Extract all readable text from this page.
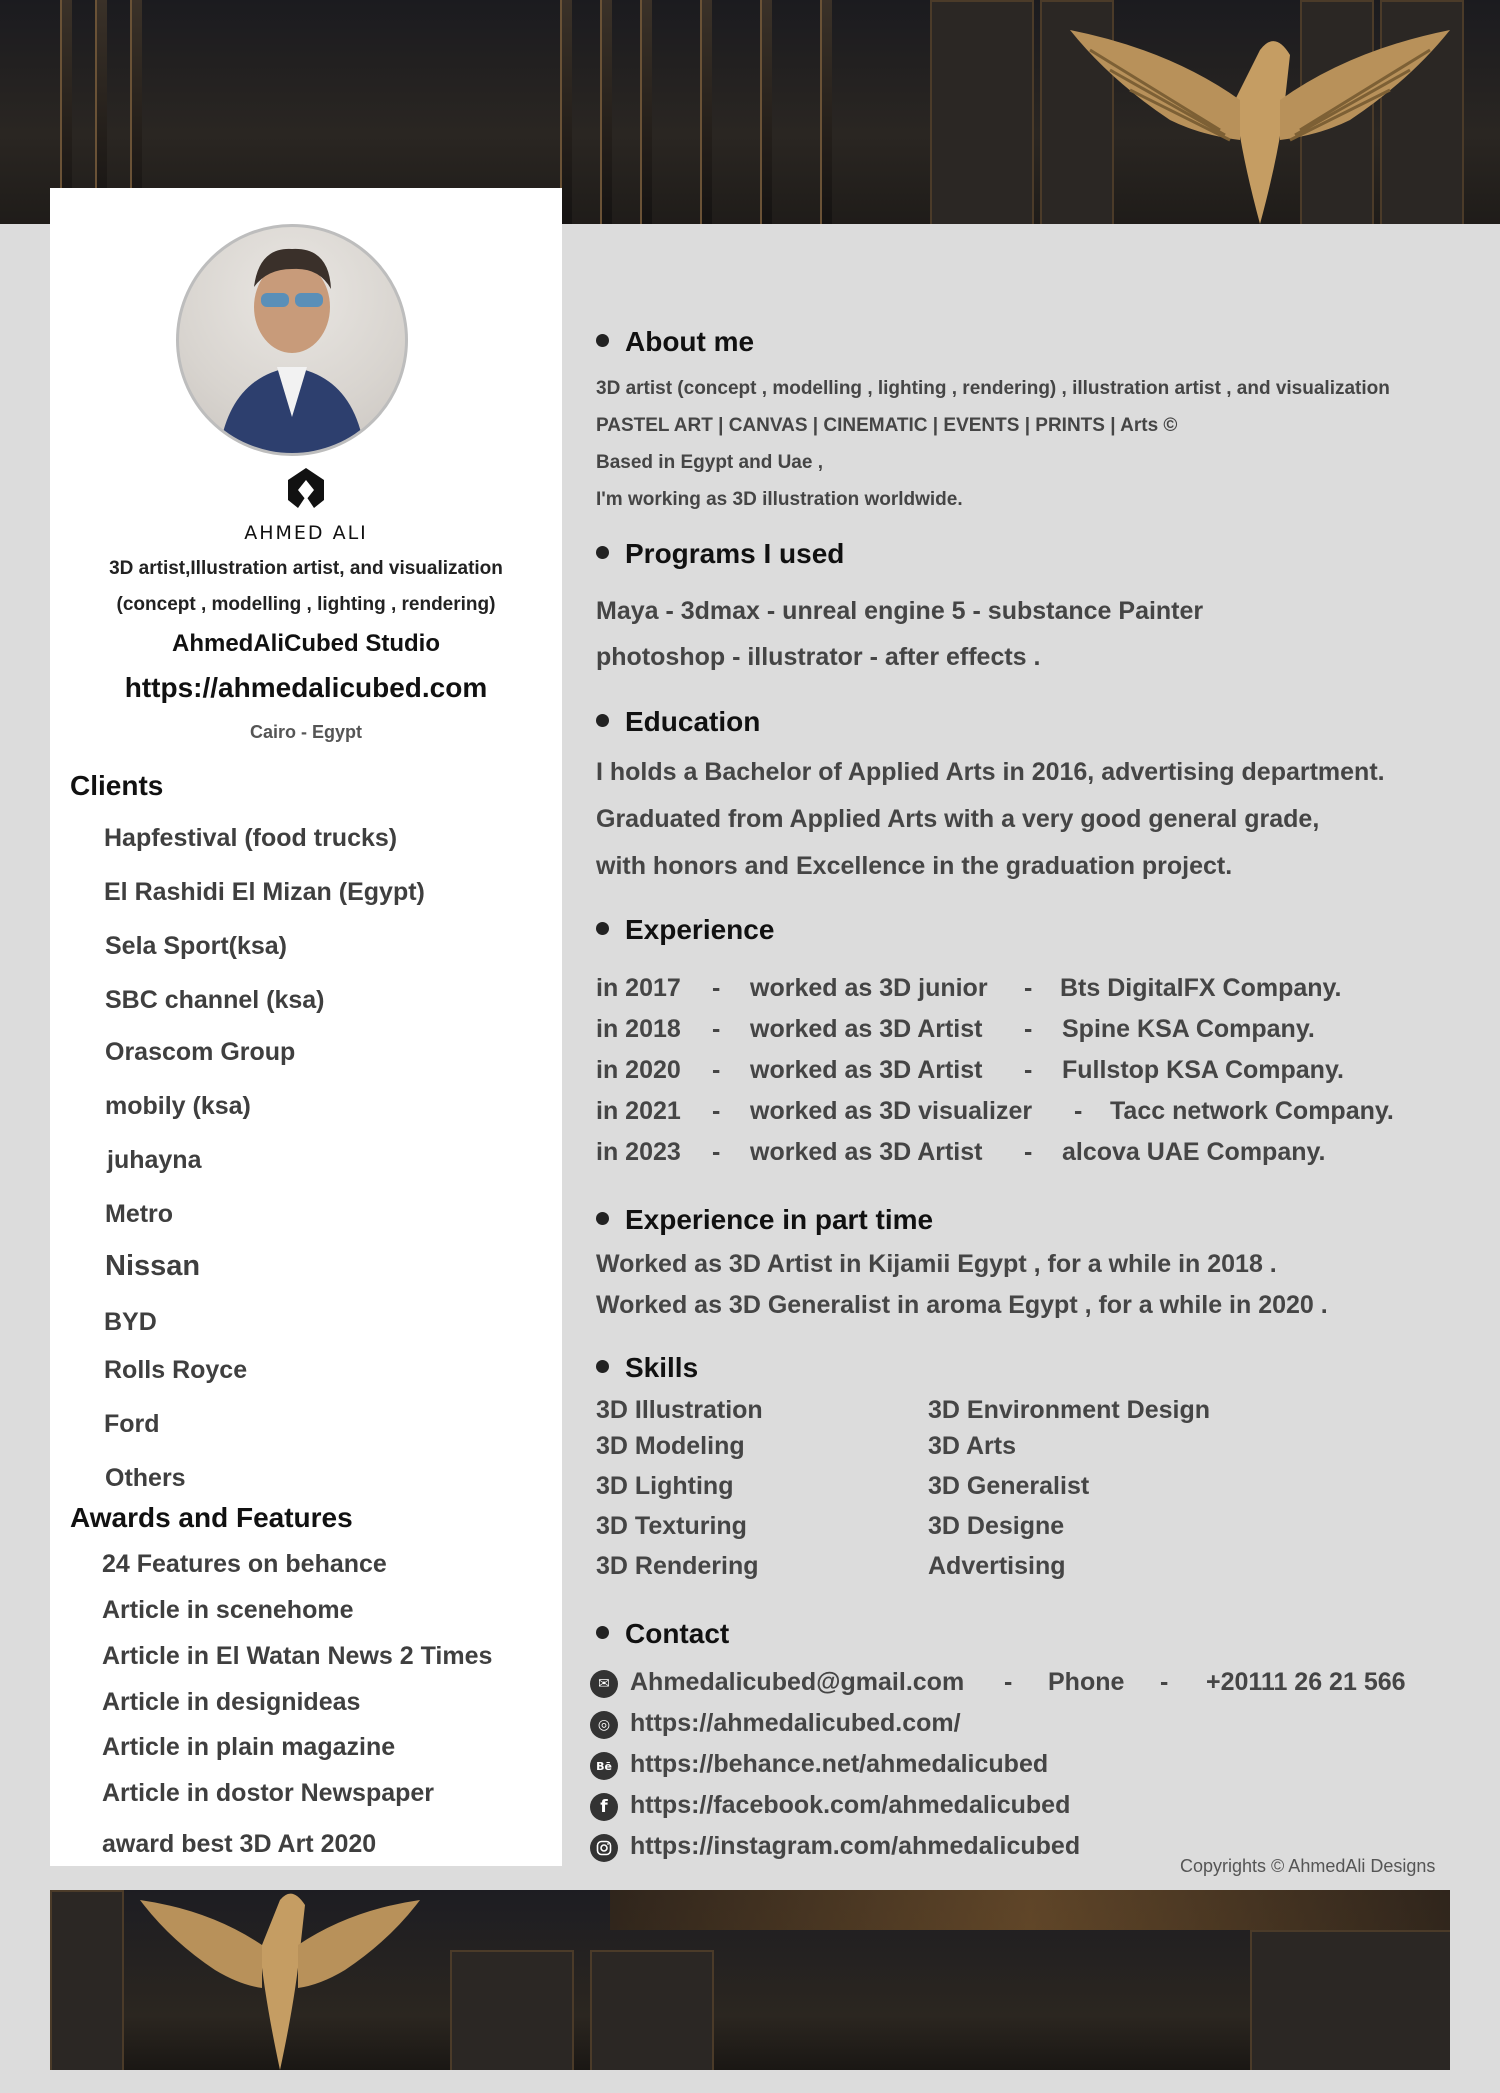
AHMED ALI
3D artist,Illustration artist, and visualization
(concept , modelling , lighting , rendering)
AhmedAliCubed Studio
https://ahmedalicubed.com
Cairo - Egypt
Clients
Hapfestival (food trucks)
El Rashidi El Mizan (Egypt)
Sela Sport(ksa)
SBC channel (ksa)
Orascom Group
mobily (ksa)
juhayna
Metro
Nissan
BYD
Rolls Royce
Ford
Others
Awards and Features
24 Features on behance
Article in scenehome
Article in El Watan News 2 Times
Article in designideas
Article in plain magazine
Article in dostor Newspaper
award best 3D Art 2020
About me
3D artist (concept , modelling , lighting , rendering) , illustration artist , and visualization
PASTEL ART | CANVAS | CINEMATIC | EVENTS | PRINTS | Arts ©
Based in Egypt and Uae ,
I'm working as 3D illustration worldwide.
Programs I used
Maya - 3dmax - unreal engine 5 - substance Painter
photoshop - illustrator - after effects .
Education
I holds a Bachelor of Applied Arts in 2016, advertising department.
Graduated from Applied Arts with a very good general grade,
with honors and Excellence in the graduation project.
Experience
in 2017 - worked as 3D junior - Bts DigitalFX Company.
in 2018 - worked as 3D Artist - Spine KSA Company.
in 2020 - worked as 3D Artist - Fullstop KSA Company.
in 2021 - worked as 3D visualizer - Tacc network Company.
in 2023 - worked as 3D Artist - alcova UAE Company.
Experience in part time
Worked as 3D Artist in Kijamii Egypt , for a while in 2018 .
Worked as 3D Generalist in aroma Egypt , for a while in 2020 .
Skills
3D Illustration
3D Modeling
3D Lighting
3D Texturing
3D Rendering
3D Environment Design
3D Arts
3D Generalist
3D Designe
Advertising
Contact
✉ Ahmedalicubed@gmail.com - Phone - +20111 26 21 566
◎ https://ahmedalicubed.com/
Bē https://behance.net/ahmedalicubed
f https://facebook.com/ahmedalicubed
https://instagram.com/ahmedalicubed
Copyrights © AhmedAli Designs
